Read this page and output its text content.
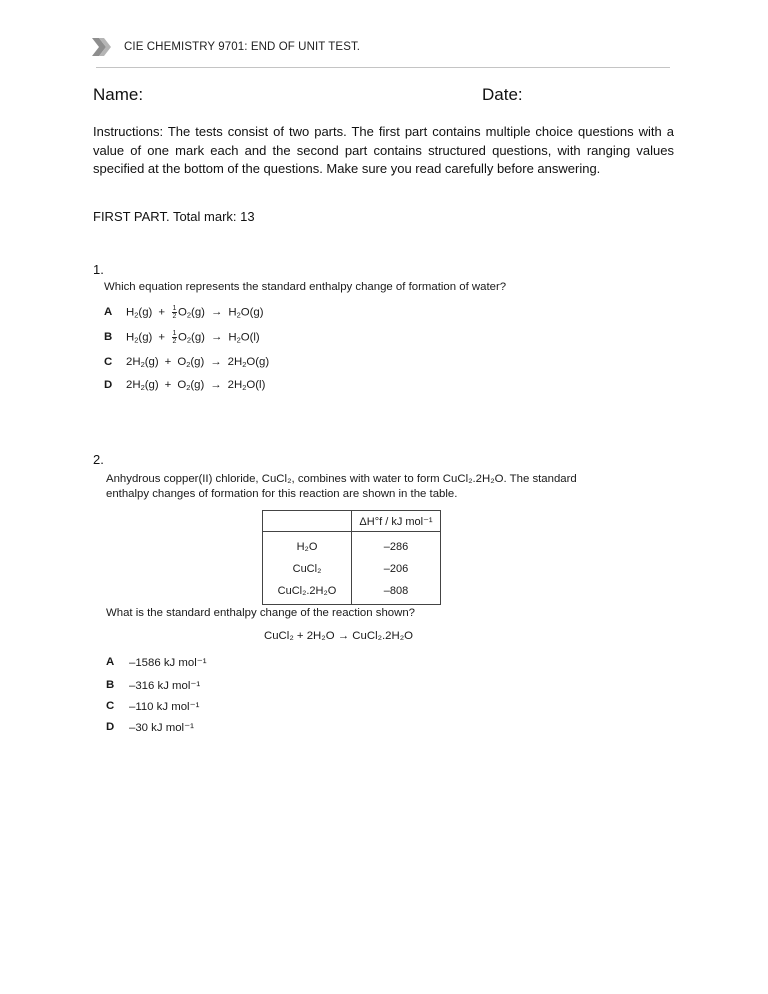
CIE CHEMISTRY 9701: END OF UNIT TEST.
Name:	Date:
Instructions: The tests consist of two parts. The first part contains multiple choice questions with a value of one mark each and the second part contains structured questions, with ranging values specified at the bottom of the questions. Make sure you read carefully before answering.
FIRST PART. Total mark: 13
1.
Which equation represents the standard enthalpy change of formation of water?
A	$H_2(g) + \frac{1}{2} O_2(g) \to H_2O(g)$
B	$H_2(g) + \frac{1}{2} O_2(g) \to H_2O(l)$
C	$2H_2(g) + O_2(g) \to 2H_2O(g)$
D	$2H_2(g) + O_2(g) \to 2H_2O(l)$
2.
Anhydrous copper(II) chloride, CuCl₂, combines with water to form CuCl₂.2H₂O. The standard
enthalpy changes of formation for this reaction are shown in the table.
	ΔH°f / kJ mol⁻¹
H₂O	–286
CuCl₂	–206
CuCl₂.2H₂O	–808
What is the standard enthalpy change of the reaction shown?
CuCl₂ + 2H₂O → CuCl₂.2H₂O
A	–1586 kJ mol⁻¹
B	–316 kJ mol⁻¹
C	–110 kJ mol⁻¹
D	–30 kJ mol⁻¹
